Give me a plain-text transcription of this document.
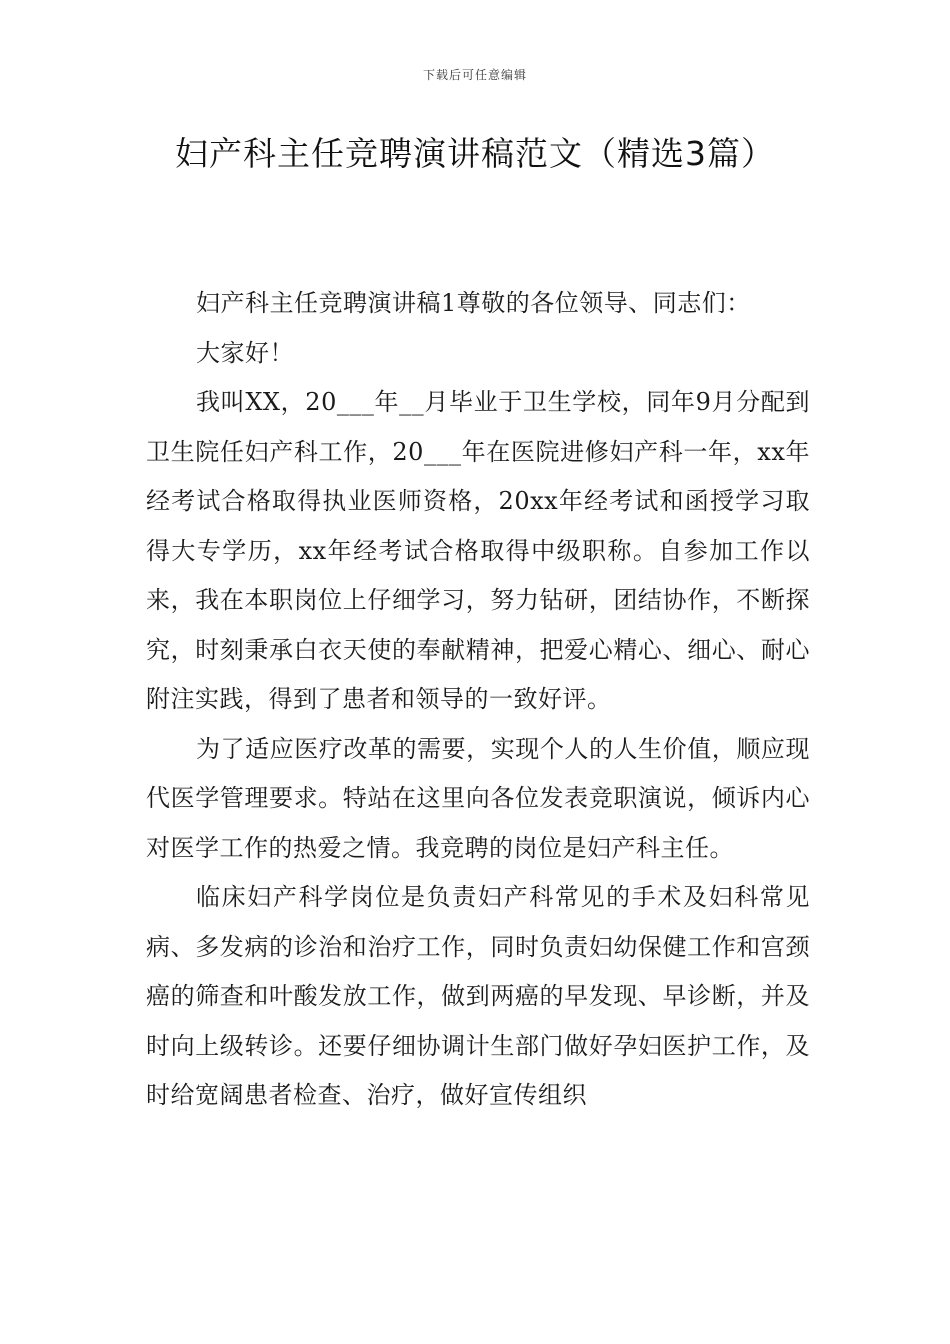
下载后可任意编辑
妇产科主任竞聘演讲稿范文（精选3篇）

妇产科主任竞聘演讲稿1尊敬的各位领导、同志们：

大家好！

我叫XX，20___年__月毕业于卫生学校，同年9月分配到卫生院任妇产科工作，20___年在医院进修妇产科一年，xx年经考试合格取得执业医师资格，20xx年经考试和函授学习取得大专学历，xx年经考试合格取得中级职称。自参加工作以来，我在本职岗位上仔细学习，努力钻研，团结协作，不断探究，时刻秉承白衣天使的奉献精神，把爱心精心、细心、耐心附注实践，得到了患者和领导的一致好评。

为了适应医疗改革的需要，实现个人的人生价值，顺应现代医学管理要求。特站在这里向各位发表竞职演说，倾诉内心对医学工作的热爱之情。我竞聘的岗位是妇产科主任。

临床妇产科学岗位是负责妇产科常见的手术及妇科常见病、多发病的诊治和治疗工作，同时负责妇幼保健工作和宫颈癌的筛查和叶酸发放工作，做到两癌的早发现、早诊断，并及时向上级转诊。还要仔细协调计生部门做好孕妇医护工作，及时给宽阔患者检查、治疗，做好宣传组织
